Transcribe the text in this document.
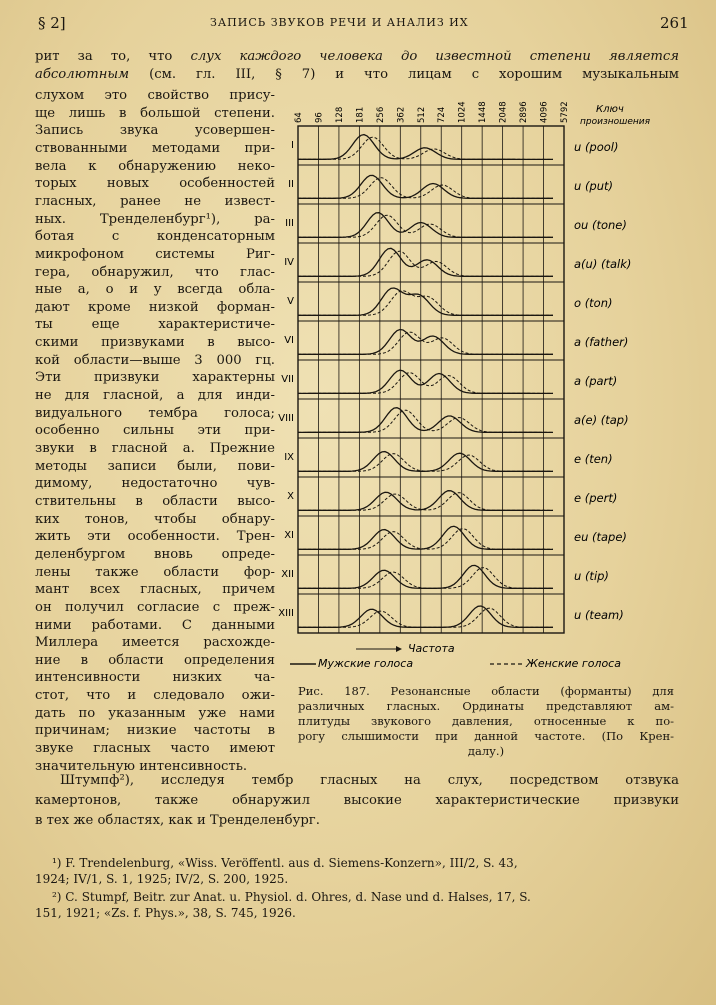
§ 2]	ЗАПИСЬ ЗВУКОВ РЕЧИ И АНАЛИЗ ИХ	261
рит за то, что слух каждого человека до известной степени является
абсолютным (см. гл. III, § 7) и что лицам с хорошим музыкальным
слухом это свойство прису-
ще лишь в большой степени.
Запись звука усовершен-
ствованными методами при-
вела к обнаружению неко-
торых новых особенностей
гласных, ранее не извест-
ных. Тренделенбург¹), ра-
ботая с конденсаторным
микрофоном системы Риг-
гера, обнаружил, что глас-
ные а, о и у всегда обла-
дают кроме низкой форман-
ты еще характеристиче-
скими призвуками в высо-
кой области—выше 3 000 гц.
Эти призвуки характерны
не для гласной, а для инди-
видуального тембра голоса;
особенно сильны эти при-
звуки в гласной а. Прежние
методы записи были, пови-
димому, недостаточно чув-
ствительны в области высо-
ких тонов, чтобы обнару-
жить эти особенности. Трен-
деленбургом вновь опреде-
лены также области фор-
мант всех гласных, причем
он получил согласие с преж-
ними работами. С данными
Миллера имеется расхожде-
ние в области определения
интенсивности низких ча-
стот, что и следовало ожи-
дать по указанным уже нами
причинам; низкие частоты в
звуке гласных часто имеют
значительную интенсивность.
Штумпф²), исследуя тембр гласных на слух, посредством отзвука
камертонов, также обнаружил высокие характеристические призвуки
в тех же областях, как и Тренделенбург.
64 96 128 181 256 362 512 724 1024 1448 2048 2896 4096 5792	Ключ
произношения
I	u (pool)
II	u (put)
III	ou (tone)
IV	a(u) (talk)
V	o (ton)
VI	a (father)
VII	a (part)
VIII	a(e) (tap)
IX	e (ten)
X	e (pert)
XI	eu (tape)
XII	u (tip)
XIII	u (team)
Частота
Мужские голоса	Женские голоса
Рис. 187. Резонансные области (форманты) для
различных гласных. Ординаты представляют ам-
плитуды звукового давления, относенные к по-
рогу слышимости при данной частоте. (По Крен-
далу.)
¹) F. Trendelenburg, «Wiss. Veröffentl. aus d. Siemens-Konzern», III/2, S. 43,
1924; IV/1, S. 1, 1925; IV/2, S. 200, 1925.
²) C. Stumpf, Beitr. zur Anat. u. Physiol. d. Ohres, d. Nase und d. Halses, 17, S.
151, 1921; «Zs. f. Phys.», 38, S. 745, 1926.
